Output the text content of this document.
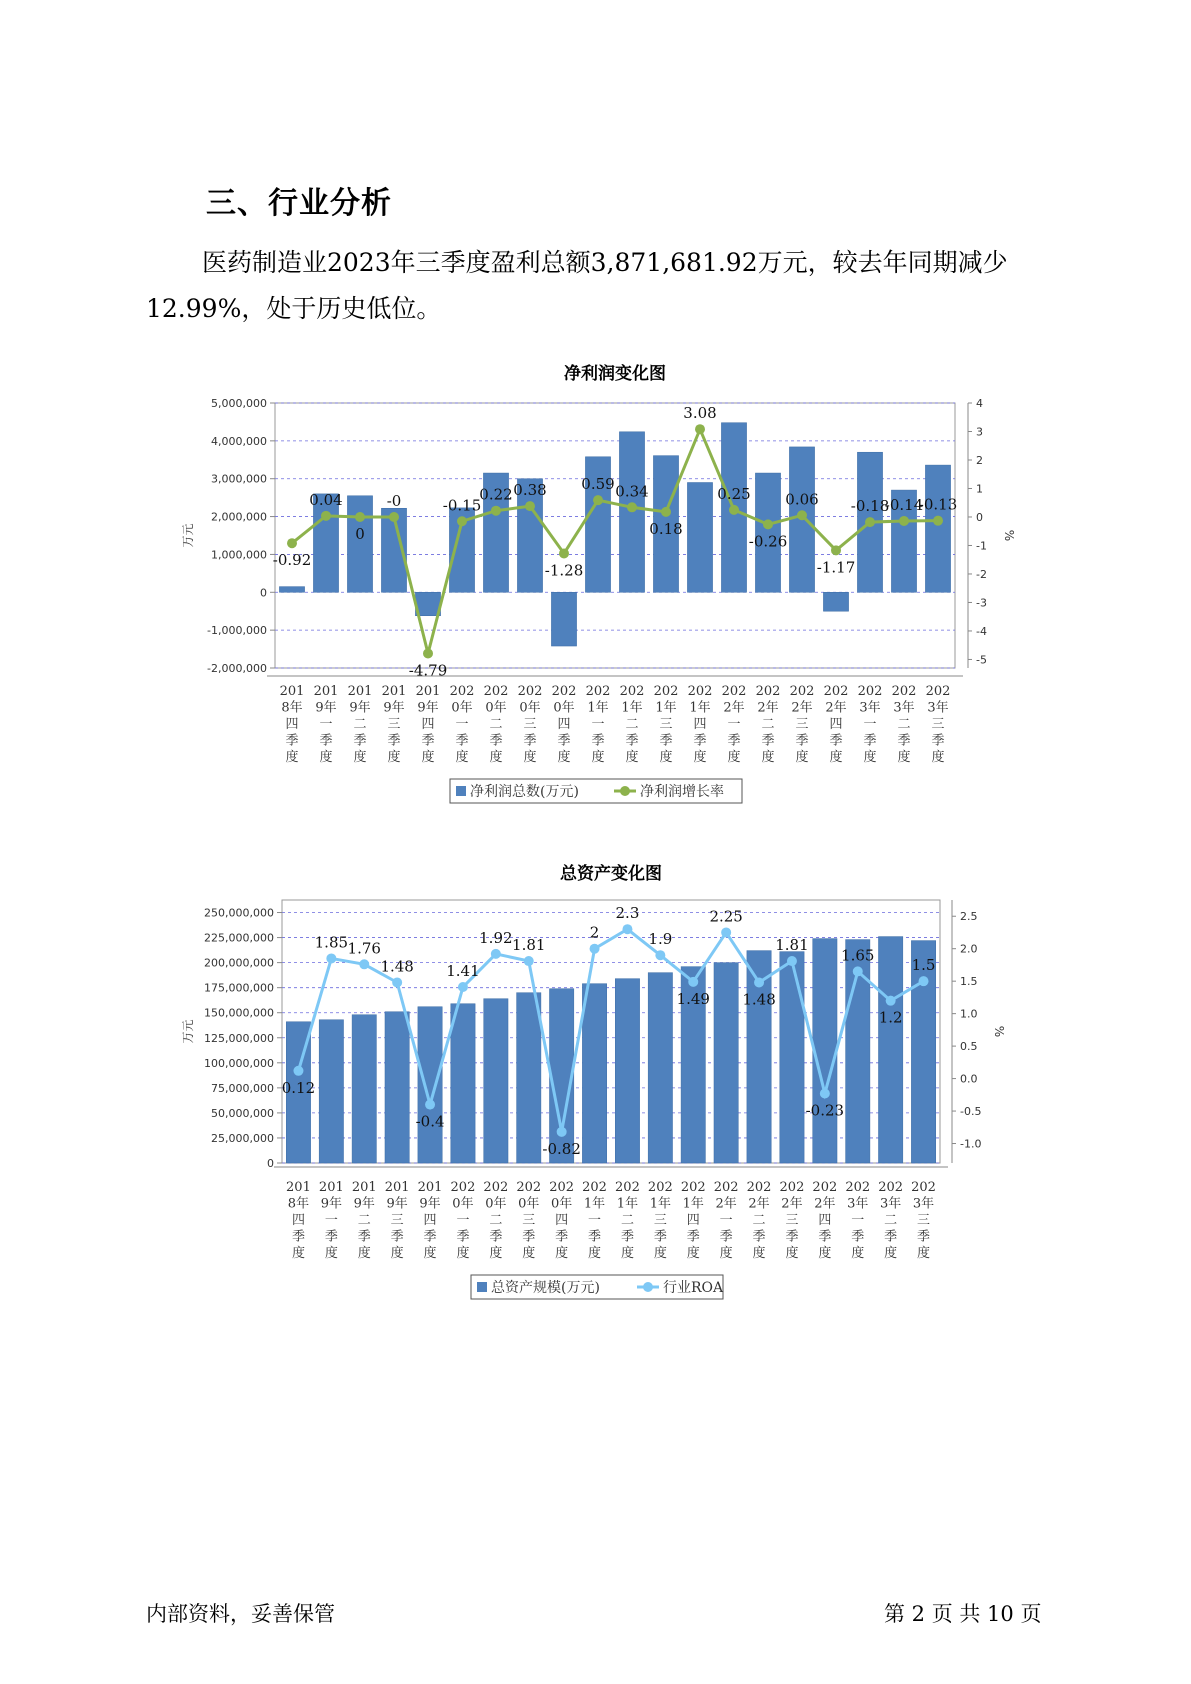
三、行业分析
医药制造业2023年三季度盈利总额3,871,681.92万元，较去年同期减少12.99%，处于历史低位。
净利润变化图
5,000,000
4,000,000
3,000,000
2,000,000
1,000,000
0
-1,000,000
-2,000,000
万元
4
3
2
1
0
-1
-2
-3
-4
-5
%
-0.92
0.04
0
-0
-4.79
-0.15
0.22 0.38
-1.28
0.59 0.34
0.18
3.08
0.25
-0.26
0.06
-1.17
-0.18
-0.14
-0.13
201 8年四季度
201 9年一季度
201 9年二季度
201 9年三季度
201 9年四季度
202 0年一季度
202 0年二季度
202 0年三季度
202 0年四季度
202 1年一季度
202 1年二季度
202 1年三季度
202 1年四季度
202 2年一季度
202 2年二季度
202 2年三季度
202 2年四季度
202 3年一季度
202 3年二季度
202 3年三季度
净利润总数(万元)	净利润增长率
总资产变化图
250,000,000
225,000,000
200,000,000
175,000,000
150,000,000
125,000,000
100,000,000
75,000,000
50,000,000
25,000,000
0
万元
2.5
2.0
1.5
1.0
0.5
0.0
-0.5
-1.0
%
0.12
1.85 1.76
1.48
-0.4
1.41
1.92 1.81
-0.82
2
2.3
1.9
1.49
2.25
1.48
1.81
-0.23
1.65
1.2
1.5
201 8年四季度
201 9年一季度
201 9年二季度
201 9年三季度
201 9年四季度
202 0年一季度
202 0年二季度
202 0年三季度
202 0年四季度
202 1年一季度
202 1年二季度
202 1年三季度
202 1年四季度
202 2年一季度
202 2年二季度
202 2年三季度
202 2年四季度
202 3年一季度
202 3年二季度
202 3年三季度
总资产规模(万元)	行业ROA
内部资料，妥善保管	第 2 页 共 10 页
